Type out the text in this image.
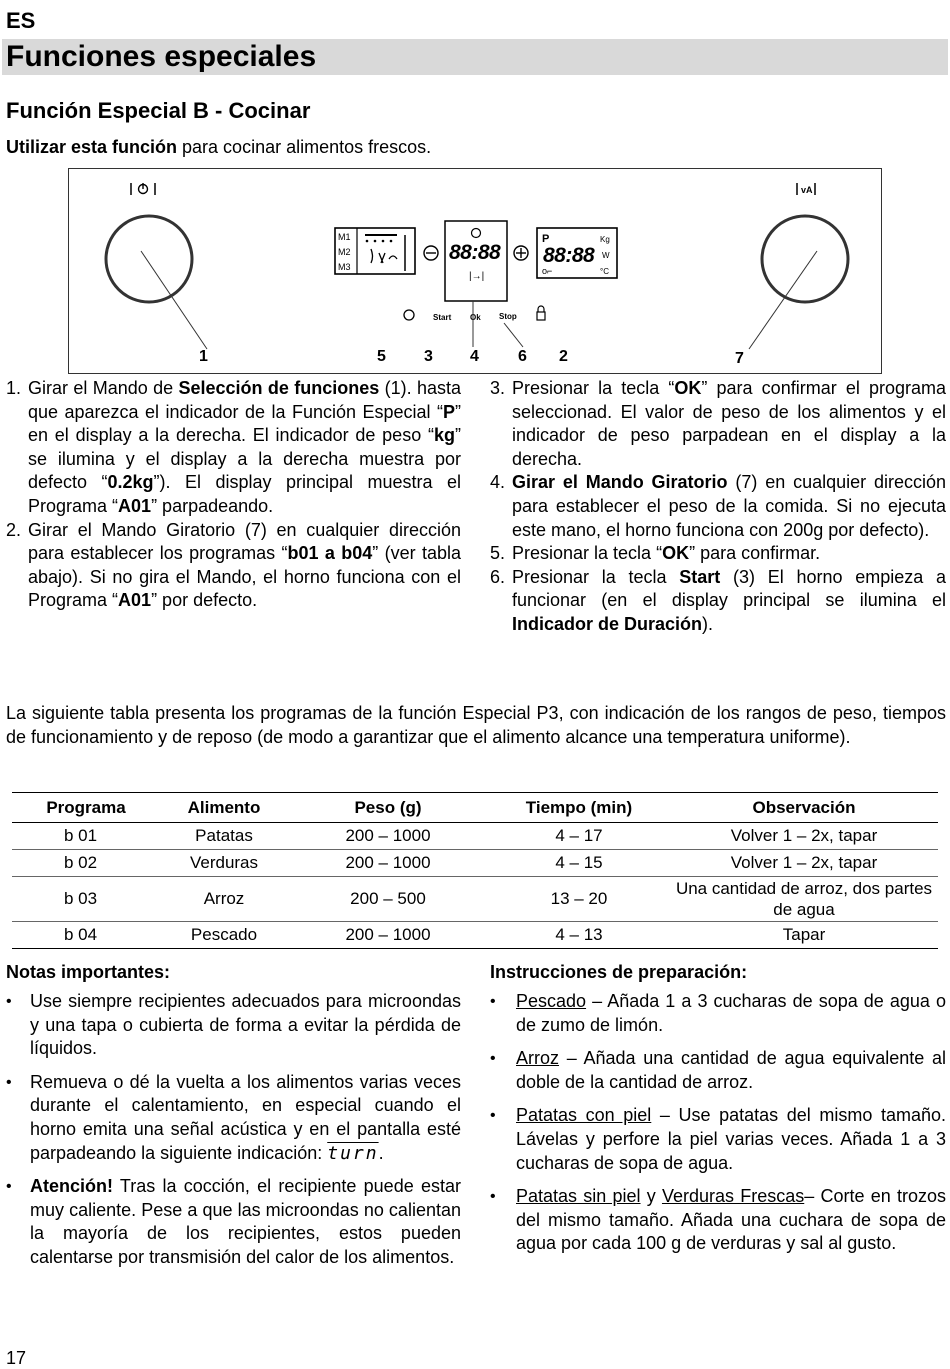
ES
Funciones especiales
Función Especial B - Cocinar
Utilizar esta función para cocinar alimentos frescos.
M1
M2
M3
88:88
|→|
P	Kg
88:88 W
°C
o⌐
Start Ok Stop
vA
1	5 3 4 6 2	7
1. Girar el Mando de Selección de funciones (1). hasta que aparezca el indicador de la Función Especial “P” en el display a la derecha. El indicador de peso “kg” se ilumina y el display a la derecha muestra por defecto “0.2kg”). El display principal muestra el Programa “A01” parpadeando.
2. Girar el Mando Giratorio (7) en cualquier dirección para establecer los programas “b01 a b04” (ver tabla abajo). Si no gira el Mando, el horno funciona con el Programa “A01” por defecto.
3. Presionar la tecla “OK” para confirmar el programa seleccionad. El valor de peso de los alimentos y el indicador de peso parpadean en el display a la derecha.
4. Girar el Mando Giratorio (7) en cualquier dirección para establecer el peso de la comida. Si no ejecuta este mano, el horno funciona con 200g por defecto).
5. Presionar la tecla “OK” para confirmar.
6. Presionar la tecla Start (3) El horno empieza a funcionar (en el display principal se ilumina el Indicador de Duración).
La siguiente tabla presenta los programas de la función Especial P3, con indicación de los rangos de peso, tiempos de funcionamiento y de reposo (de modo a garantizar que el alimento alcance una temperatura uniforme).
Programa	Alimento	Peso (g)	Tiempo (min)	Observación
b 01	Patatas	200 – 1000	4 – 17	Volver 1 – 2x, tapar
b 02	Verduras	200 – 1000	4 – 15	Volver 1 – 2x, tapar
b 03	Arroz	200 – 500	13 – 20	Una cantidad de arroz, dos partes de agua
b 04	Pescado	200 – 1000	4 – 13	Tapar
Notas importantes:
•	Use siempre recipientes adecuados para microondas y una tapa o cubierta de forma a evitar la pérdida de líquidos.
•	Remueva o dé la vuelta a los alimentos varias veces durante el calentamiento, en especial cuando el horno emita una señal acústica y en el pantalla esté parpadeando la siguiente indicación: turn.
•	Atención! Tras la cocción, el recipiente puede estar muy caliente. Pese a que las microondas no calientan la mayoría de los recipientes, estos pueden calentarse por transmisión del calor de los alimentos.
Instrucciones de preparación:
•	Pescado – Añada 1 a 3 cucharas de sopa de agua o de zumo de limón.
•	Arroz – Añada una cantidad de agua equivalente al doble de la cantidad de arroz.
•	Patatas con piel – Use patatas del mismo tamaño. Lávelas y perfore la piel varias veces. Añada 1 a 3 cucharas de sopa de agua.
•	Patatas sin piel y Verduras Frescas– Corte en trozos del mismo tamaño. Añada una cuchara de sopa de agua por cada 100 g de verduras y sal al gusto.
17
